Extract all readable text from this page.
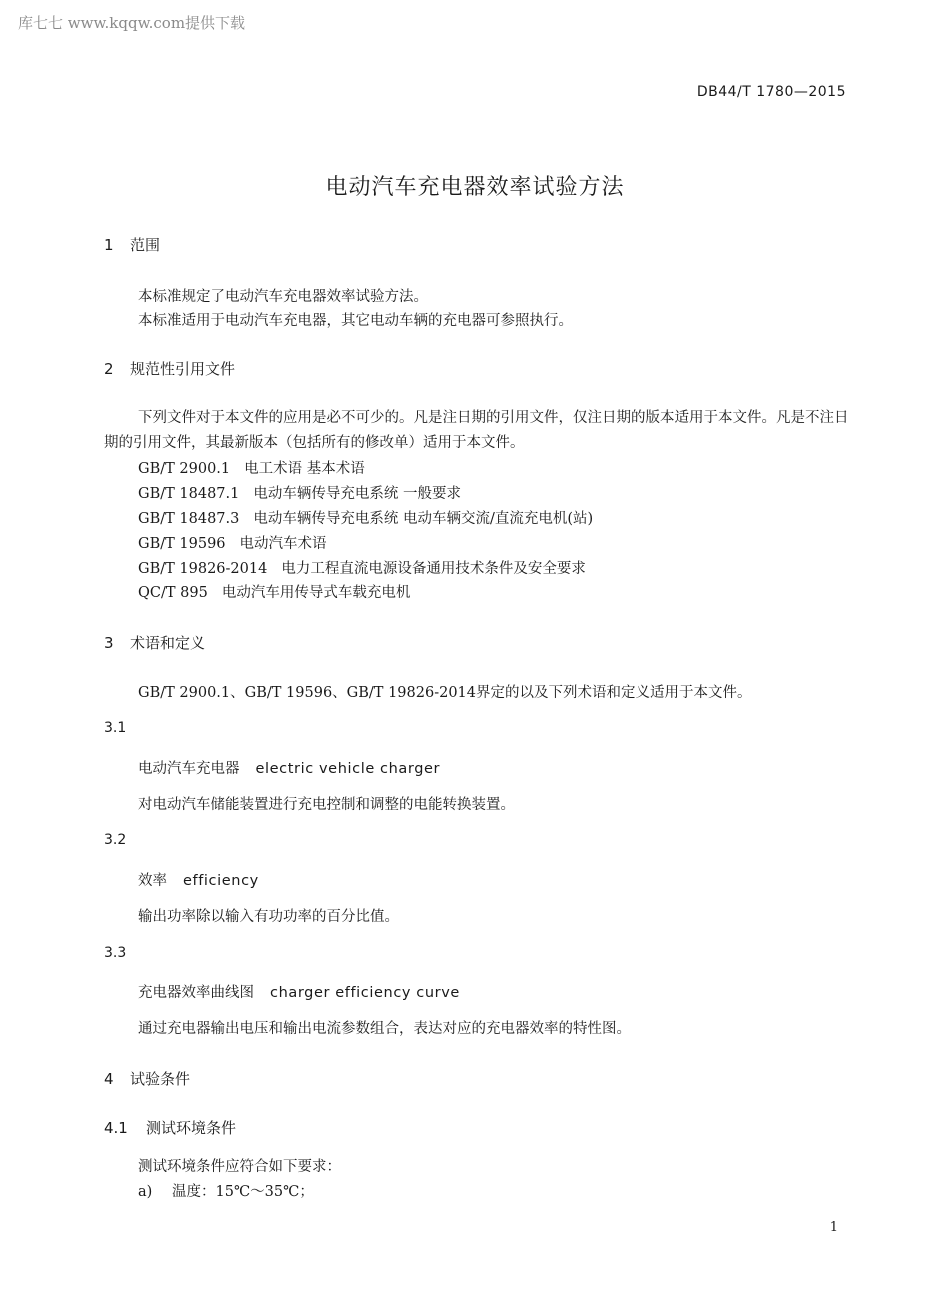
库七七 www.kqqw.com提供下载
DB44/T 1780—2015
电动汽车充电器效率试验方法
1 范围
本标准规定了电动汽车充电器效率试验方法。
本标准适用于电动汽车充电器，其它电动车辆的充电器可参照执行。
2 规范性引用文件
下列文件对于本文件的应用是必不可少的。凡是注日期的引用文件，仅注日期的版本适用于本文件。凡是不注日期的引用文件，其最新版本（包括所有的修改单）适用于本文件。
GB/T 2900.1 电工术语 基本术语
GB/T 18487.1 电动车辆传导充电系统 一般要求
GB/T 18487.3 电动车辆传导充电系统 电动车辆交流/直流充电机(站)
GB/T 19596 电动汽车术语
GB/T 19826-2014 电力工程直流电源设备通用技术条件及安全要求
QC/T 895 电动汽车用传导式车载充电机
3 术语和定义
GB/T 2900.1、GB/T 19596、GB/T 19826-2014界定的以及下列术语和定义适用于本文件。
3.1
电动汽车充电器 electric vehicle charger
对电动汽车储能装置进行充电控制和调整的电能转换装置。
3.2
效率 efficiency
输出功率除以输入有功功率的百分比值。
3.3
充电器效率曲线图 charger efficiency curve
通过充电器输出电压和输出电流参数组合，表达对应的充电器效率的特性图。
4 试验条件
4.1 测试环境条件
测试环境条件应符合如下要求：
a) 温度：15℃～35℃；
1
